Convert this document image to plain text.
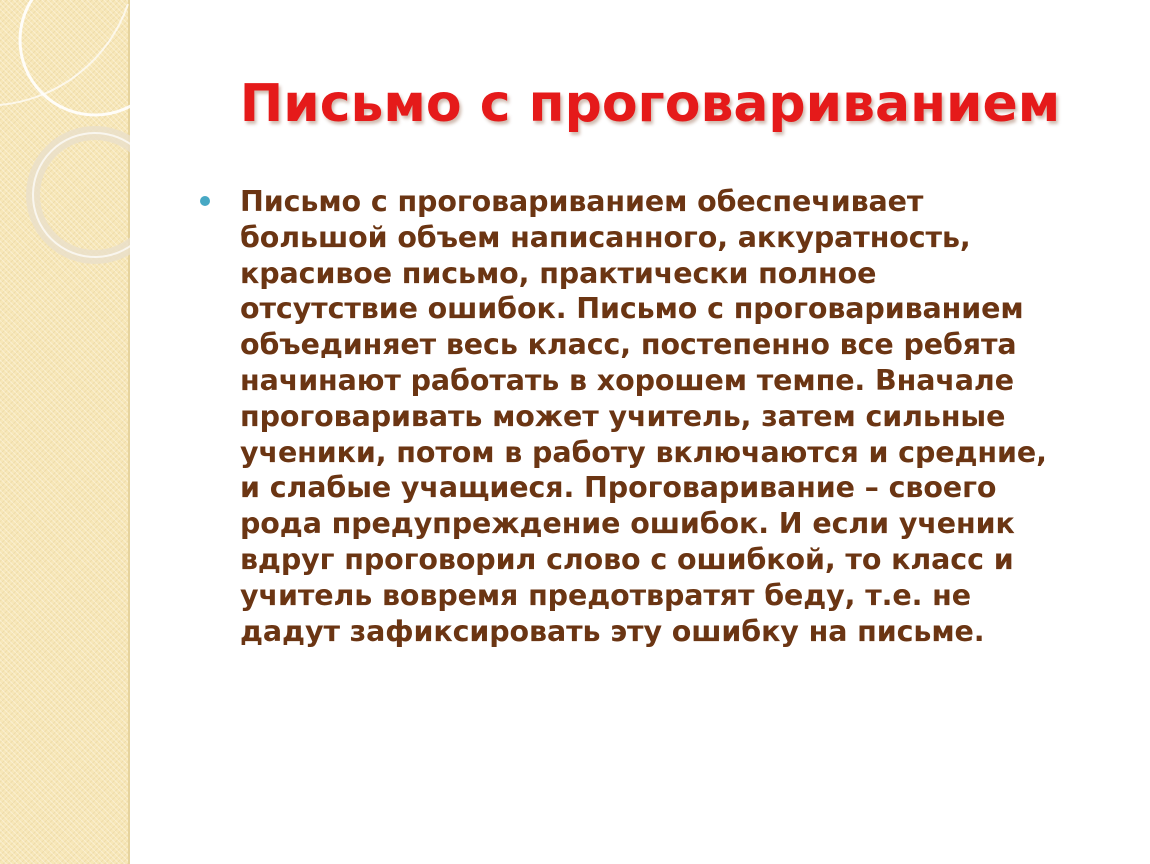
Письмо с проговариванием

Письмо с проговариванием обеспечивает
большой объем написанного, аккуратность,
красивое письмо, практически полное
отсутствие ошибок. Письмо с проговариванием
объединяет весь класс, постепенно все ребята
начинают работать в хорошем темпе. Вначале
проговаривать может учитель, затем сильные
ученики, потом в работу включаются и средние,
и слабые учащиеся. Проговаривание – своего
рода предупреждение ошибок. И если ученик
вдруг проговорил слово с ошибкой, то класс и
учитель вовремя предотвратят беду, т.е. не
дадут зафиксировать эту ошибку на письме.
